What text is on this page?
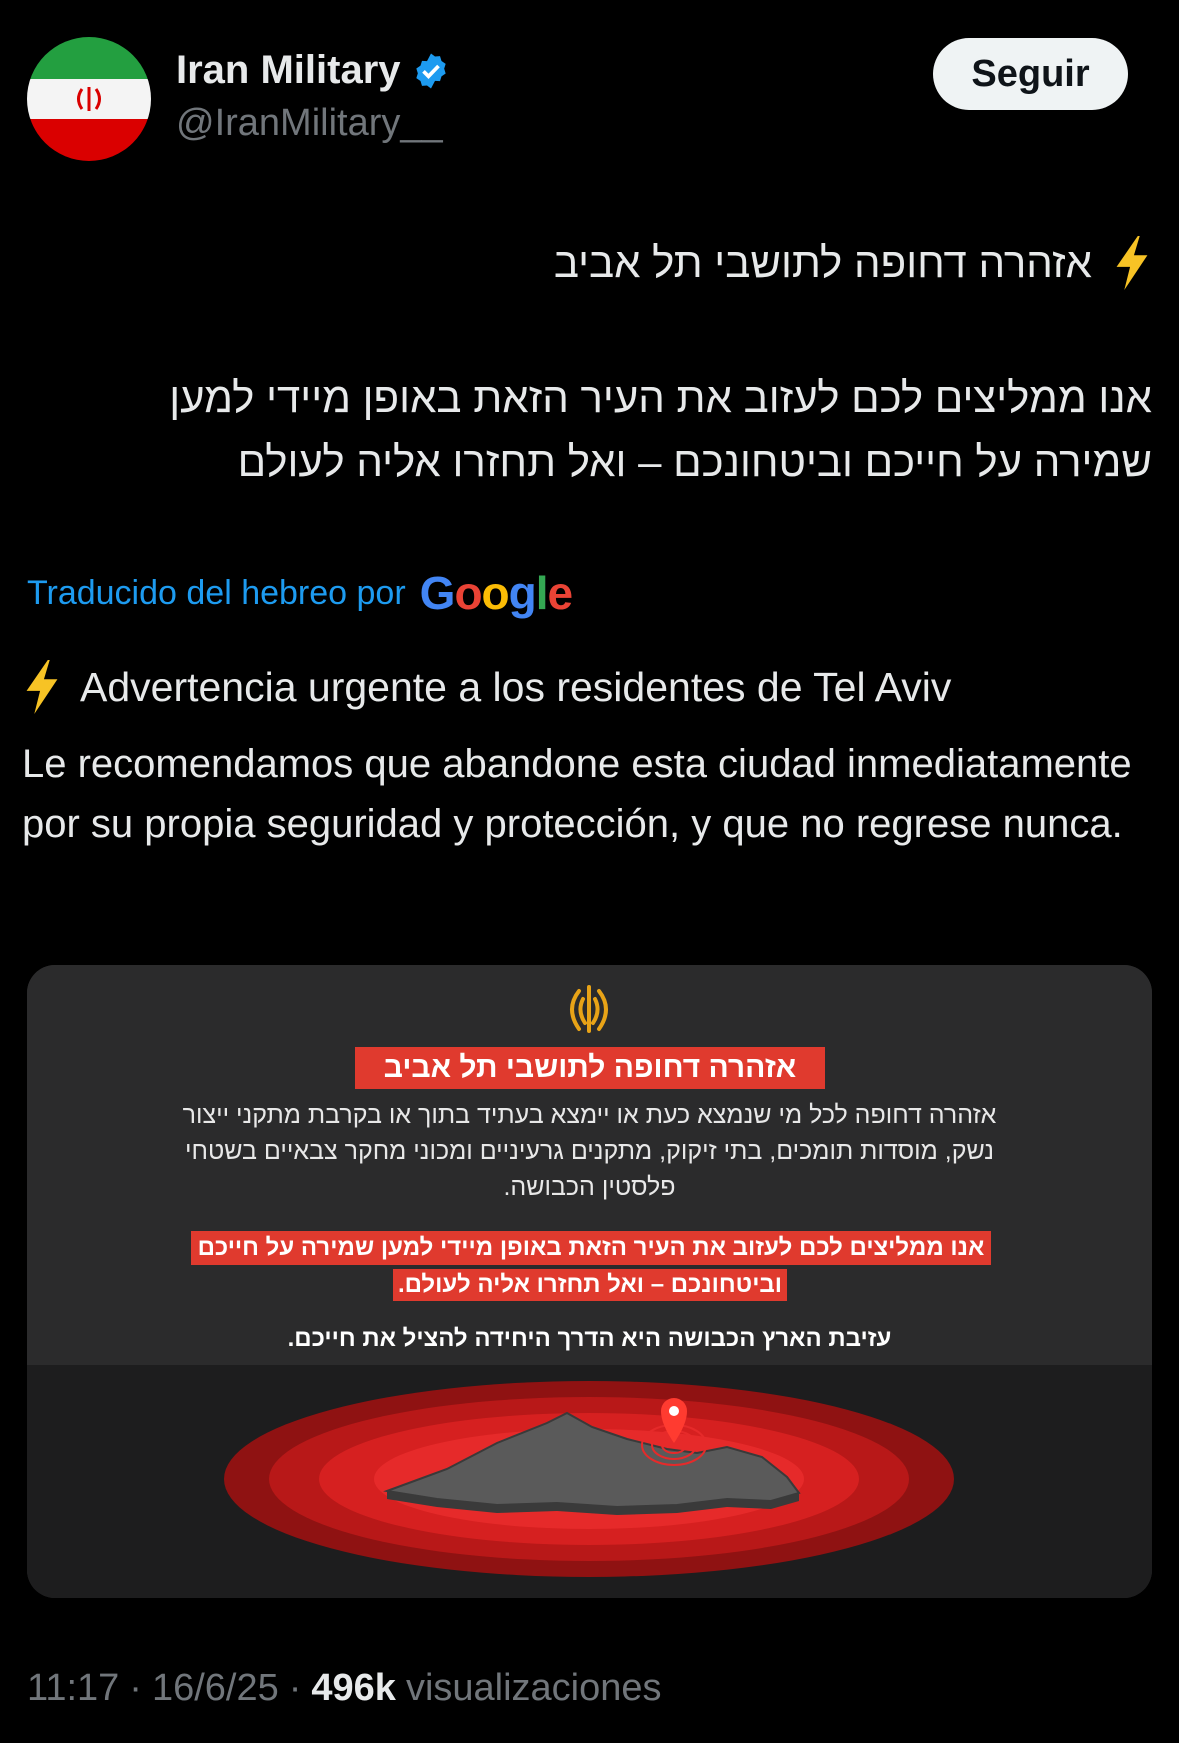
Iran Military
@IranMilitary__
Seguir
אזהרה דחופה לתושבי תל אביב
אנו ממליצים לכם לעזוב את העיר הזאת באופן מיידי למען
שמירה על חייכם וביטחונכם – ואל תחזרו אליה לעולם
Traducido del hebreo por Google
Advertencia urgente a los residentes de Tel Aviv
Le recomendamos que abandone esta ciudad inmediatamente por su propia seguridad y protección, y que no regrese nunca.
אזהרה דחופה לתושבי תל אביב
אזהרה דחופה לכל מי שנמצא כעת או יימצא בעתיד בתוך או בקרבת מתקני ייצור נשק, מוסדות תומכים, בתי זיקוק, מתקנים גרעיניים ומכוני מחקר צבאיים בשטחי פלסטין הכבושה.
אנו ממליצים לכם לעזוב את העיר הזאת באופן מיידי למען שמירה על חייכם
וביטחונכם – ואל תחזרו אליה לעולם.
עזיבת הארץ הכבושה היא הדרך היחידה להציל את חייכם.
11:17 · 16/6/25 · 496k visualizaciones
